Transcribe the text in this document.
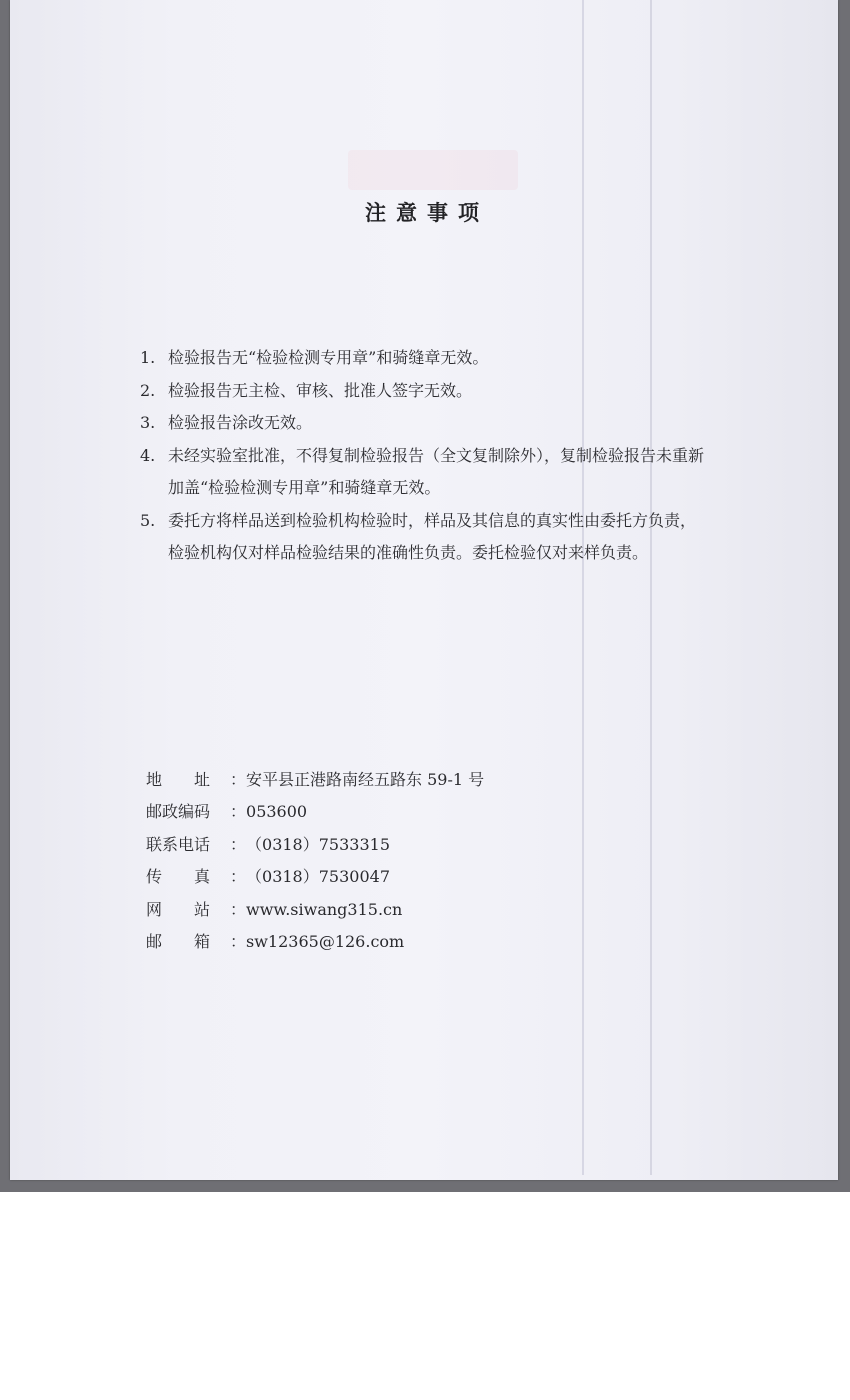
注意事项
1. 检验报告无“检验检测专用章”和骑缝章无效。
2. 检验报告无主检、审核、批准人签字无效。
3. 检验报告涂改无效。
4. 未经实验室批准，不得复制检验报告（全文复制除外），复制检验报告未重新
加盖“检验检测专用章”和骑缝章无效。
5. 委托方将样品送到检验机构检验时，样品及其信息的真实性由委托方负责，
检验机构仅对样品检验结果的准确性负责。委托检验仅对来样负责。
地　　址	： 安平县正港路南经五路东 59-1 号
邮政编码	： 053600
联系电话	： （0318）7533315
传　　真	： （0318）7530047
网　　站	： www.siwang315.cn
邮　　箱	： sw12365@126.com
